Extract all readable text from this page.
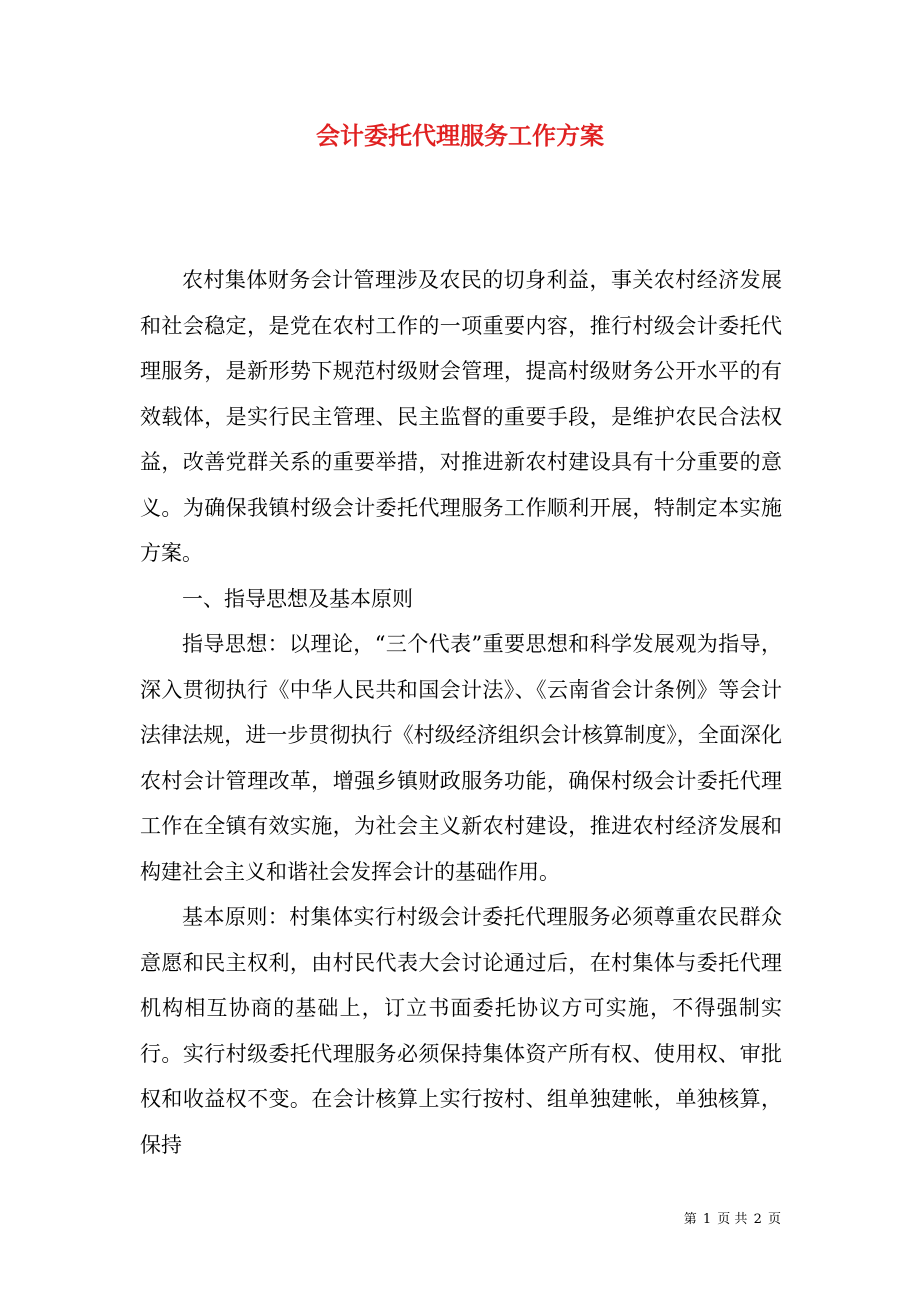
会计委托代理服务工作方案

农村集体财务会计管理涉及农民的切身利益，事关农村经济发展和社会稳定，是党在农村工作的一项重要内容，推行村级会计委托代理服务，是新形势下规范村级财会管理，提高村级财务公开水平的有效载体，是实行民主管理、民主监督的重要手段，是维护农民合法权益，改善党群关系的重要举措，对推进新农村建设具有十分重要的意义。为确保我镇村级会计委托代理服务工作顺利开展，特制定本实施方案。

一、指导思想及基本原则

指导思想：以理论，“三个代表”重要思想和科学发展观为指导，深入贯彻执行《中华人民共和国会计法》、《云南省会计条例》等会计法律法规，进一步贯彻执行《村级经济组织会计核算制度》，全面深化农村会计管理改革，增强乡镇财政服务功能，确保村级会计委托代理工作在全镇有效实施，为社会主义新农村建设，推进农村经济发展和构建社会主义和谐社会发挥会计的基础作用。

基本原则：村集体实行村级会计委托代理服务必须尊重农民群众意愿和民主权利，由村民代表大会讨论通过后，在村集体与委托代理机构相互协商的基础上，订立书面委托协议方可实施，不得强制实行。实行村级委托代理服务必须保持集体资产所有权、使用权、审批权和收益权不变。在会计核算上实行按村、组单独建帐，单独核算，保持

第 1 页 共 2 页
